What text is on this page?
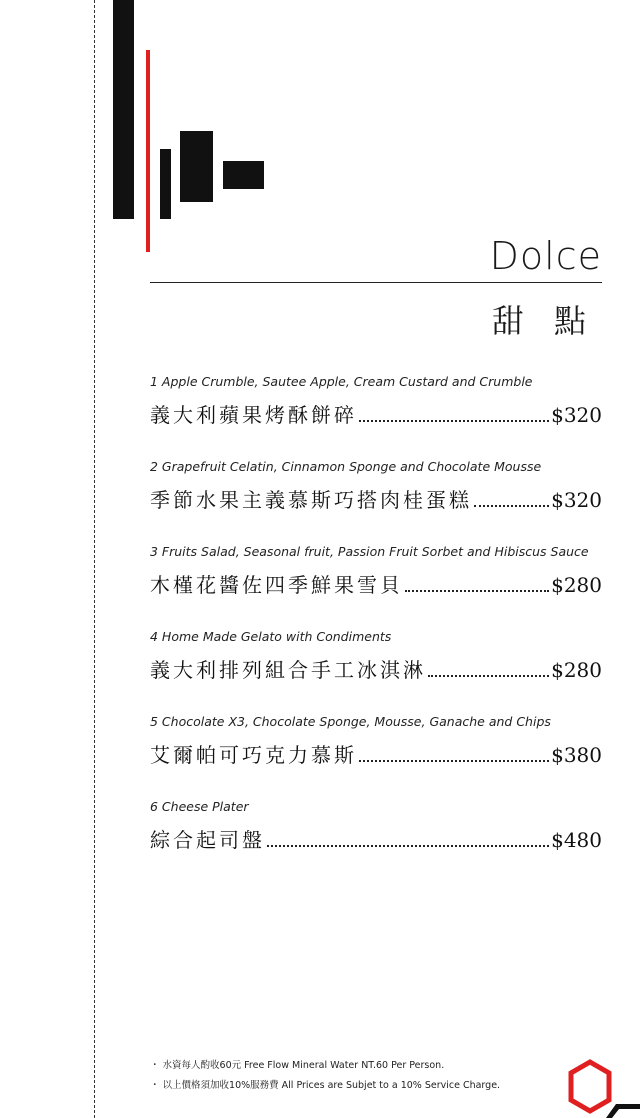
Dolce
甜 點
1 Apple Crumble, Sautee Apple, Cream Custard and Crumble
義大利蘋果烤酥餅碎	$320
2 Grapefruit Celatin, Cinnamon Sponge and Chocolate Mousse
季節水果主義慕斯巧搭肉桂蛋糕	$320
3 Fruits Salad, Seasonal fruit, Passion Fruit Sorbet and Hibiscus Sauce
木槿花醬佐四季鮮果雪貝	$280
4 Home Made Gelato with Condiments
義大利排列組合手工冰淇淋	$280
5 Chocolate X3, Chocolate Sponge, Mousse, Ganache and Chips
艾爾帕可巧克力慕斯	$380
6 Cheese Plater
綜合起司盤	$480
・ 水資每人酌收60元 Free Flow Mineral Water NT.60 Per Person.
・ 以上價格須加收10%服務費 All Prices are Subjet to a 10% Service Charge.
